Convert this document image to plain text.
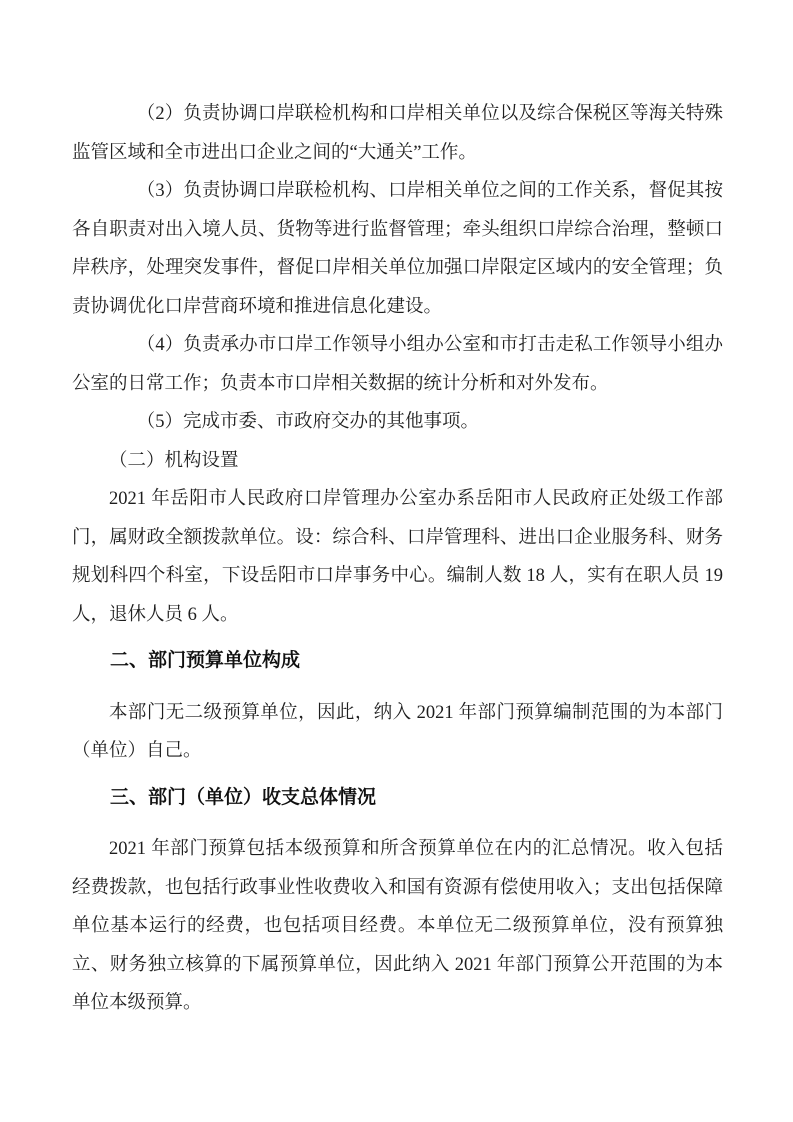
（2）负责协调口岸联检机构和口岸相关单位以及综合保税区等海关特殊监管区域和全市进出口企业之间的“大通关”工作。

（3）负责协调口岸联检机构、口岸相关单位之间的工作关系，督促其按各自职责对出入境人员、货物等进行监督管理；牵头组织口岸综合治理，整顿口岸秩序，处理突发事件，督促口岸相关单位加强口岸限定区域内的安全管理；负责协调优化口岸营商环境和推进信息化建设。

（4）负责承办市口岸工作领导小组办公室和市打击走私工作领导小组办公室的日常工作；负责本市口岸相关数据的统计分析和对外发布。

（5）完成市委、市政府交办的其他事项。

（二）机构设置

2021 年岳阳市人民政府口岸管理办公室办系岳阳市人民政府正处级工作部门，属财政全额拨款单位。设：综合科、口岸管理科、进出口企业服务科、财务规划科四个科室，下设岳阳市口岸事务中心。编制人数 18 人，实有在职人员 19 人，退休人员 6 人。

二、部门预算单位构成

本部门无二级预算单位，因此，纳入 2021 年部门预算编制范围的为本部门（单位）自己。

三、部门（单位）收支总体情况

2021 年部门预算包括本级预算和所含预算单位在内的汇总情况。收入包括经费拨款，也包括行政事业性收费收入和国有资源有偿使用收入；支出包括保障单位基本运行的经费，也包括项目经费。本单位无二级预算单位，没有预算独立、财务独立核算的下属预算单位，因此纳入 2021 年部门预算公开范围的为本单位本级预算。
